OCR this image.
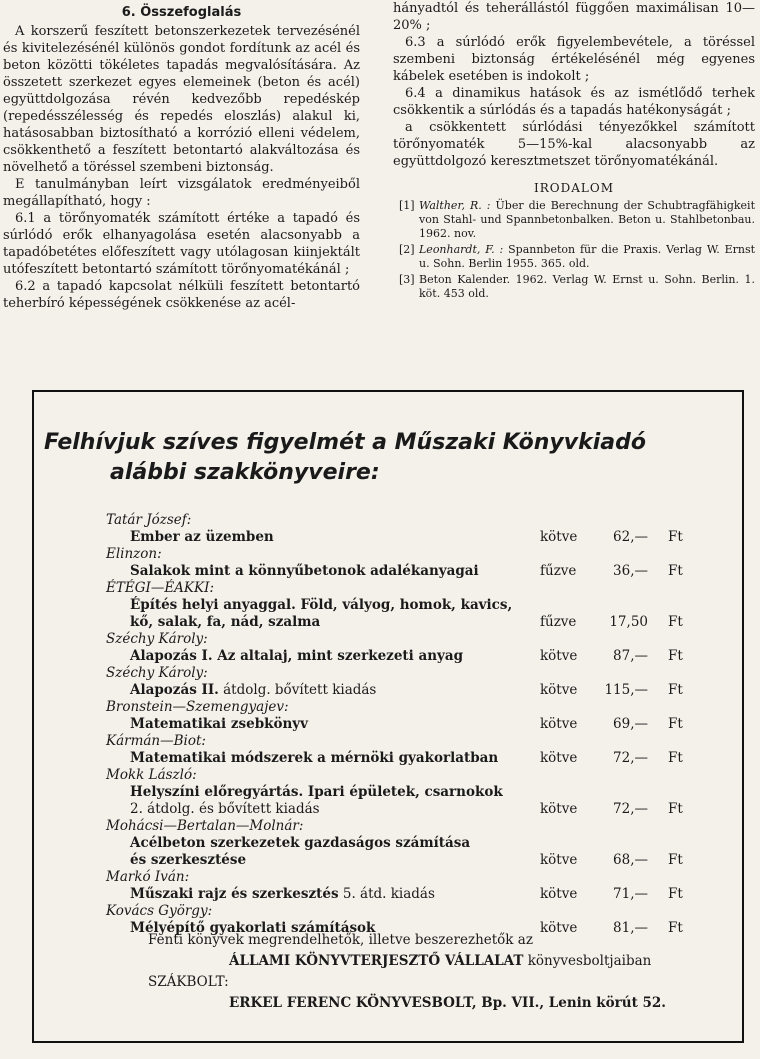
6. Összefoglalás

A korszerű feszített betonszerkezetek tervezésénél és kivitelezésénél különös gondot fordítunk az acél és beton közötti tökéletes tapadás megvalósítására. Az összetett szerkezet egyes elemeinek (beton és acél) együttdolgozása révén kedvezőbb repedéskép (repedésszélesség és repedés eloszlás) alakul ki, hatásosabban biztosítható a korrózió elleni védelem, csökkenthető a feszített betontartó alakváltozása és növelhető a töréssel szembeni biztonság.

E tanulmányban leírt vizsgálatok eredményeiből megállapítható, hogy :

6.1 a törőnyomaték számított értéke a tapadó és súrlódó erők elhanyagolása esetén alacsonyabb a tapadóbetétes előfeszített vagy utólagosan kiinjektált utófeszített betontartó számított törőnyomatékánál ;

6.2 a tapadó kapcsolat nélküli feszített betontartó teherbíró képességének csökkenése az acél-

hányadtól és teherállástól függően maximálisan 10—20% ;

6.3 a súrlódó erők figyelembevétele, a töréssel szembeni biztonság értékelésénél még egyenes kábelek esetében is indokolt ;

6.4 a dinamikus hatások és az ismétlődő terhek csökkentik a súrlódás és a tapadás hatékonyságát ;

a csökkentett súrlódási tényezőkkel számított törőnyomaték 5—15%-kal alacsonyabb az együttdolgozó keresztmetszet törőnyomatékánál.

IRODALOM

[1] Walther, R. : Über die Berechnung der Schubtragfähigkeit von Stahl- und Spannbetonbalken. Beton u. Stahlbetonbau. 1962. nov.

[2] Leonhardt, F. : Spannbeton für die Praxis. Verlag W. Ernst u. Sohn. Berlin 1955. 365. old.

[3] Beton Kalender. 1962. Verlag W. Ernst u. Sohn. Berlin. 1. köt. 453 old.

Felhívjuk szíves figyelmét a Műszaki Könyvkiadó
alábbi szakkönyveire:
Tatár József:
Ember az üzemben	kötve	62,— Ft
Elinzon:
Salakok mint a könnyűbetonok adalékanyagai	fűzve	36,— Ft
ÉTÉGI—ÉAKKI:
Építés helyi anyaggal. Föld, vályog, homok, kavics,
kő, salak, fa, nád, szalma	fűzve	17,50 Ft
Széchy Károly:
Alapozás I. Az altalaj, mint szerkezeti anyag	kötve	87,— Ft
Széchy Károly:
Alapozás II. átdolg. bővített kiadás	kötve	115,— Ft
Bronstein—Szemengyajev:
Matematikai zsebkönyv	kötve	69,— Ft
Kármán—Biot:
Matematikai módszerek a mérnöki gyakorlatban	kötve	72,— Ft
Mokk László:
Helyszíni előregyártás. Ipari épületek, csarnokok
2. átdolg. és bővített kiadás	kötve	72,— Ft
Mohácsi—Bertalan—Molnár:
Acélbeton szerkezetek gazdaságos számítása
és szerkesztése	kötve	68,— Ft
Markó Iván:
Műszaki rajz és szerkesztés 5. átd. kiadás	kötve	71,— Ft
Kovács György:
Mélyépítő gyakorlati számítások	kötve	81,— Ft
Fenti könyvek megrendelhetők, illetve beszerezhetők az
ÁLLAMI KÖNYVTERJESZTŐ VÁLLALAT könyvesboltjaiban
SZÁKBOLT:
ERKEL FERENC KÖNYVESBOLT, Bp. VII., Lenin körút 52.
